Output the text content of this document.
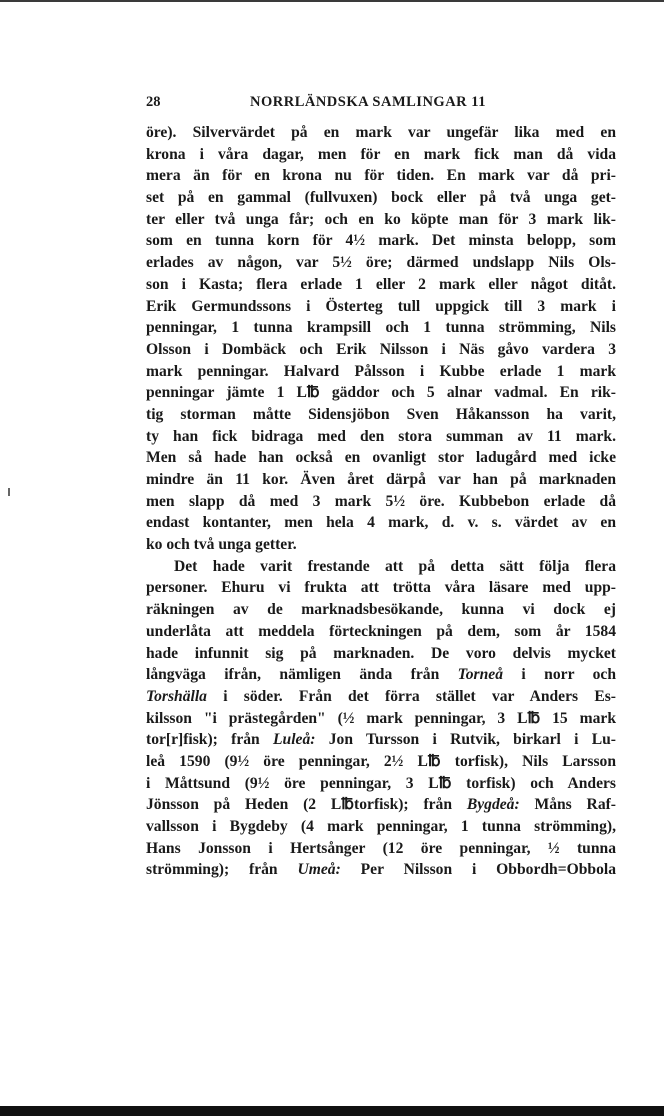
28	NORRLÄNDSKA SAMLINGAR 11
öre). Silvervärdet på en mark var ungefär lika med en
krona i våra dagar, men för en mark fick man då vida
mera än för en krona nu för tiden. En mark var då pri-
set på en gammal (fullvuxen) bock eller på två unga get-
ter eller två unga får; och en ko köpte man för 3 mark lik-
som en tunna korn för 4½ mark. Det minsta belopp, som
erlades av någon, var 5½ öre; därmed undslapp Nils Ols-
son i Kasta; flera erlade 1 eller 2 mark eller något ditåt.
Erik Germundssons i Österteg tull uppgick till 3 mark i
penningar, 1 tunna krampsill och 1 tunna strömming, Nils
Olsson i Dombäck och Erik Nilsson i Näs gåvo vardera 3
mark penningar. Halvard Pålsson i Kubbe erlade 1 mark
penningar jämte 1 L℔ gäddor och 5 alnar vadmal. En rik-
tig storman måtte Sidensjöbon Sven Håkansson ha varit,
ty han fick bidraga med den stora summan av 11 mark.
Men så hade han också en ovanligt stor ladugård med icke
mindre än 11 kor. Även året därpå var han på marknaden
men slapp då med 3 mark 5½ öre. Kubbebon erlade då
endast kontanter, men hela 4 mark, d. v. s. värdet av en
ko och två unga getter.
Det hade varit frestande att på detta sätt följa flera
personer. Ehuru vi frukta att trötta våra läsare med upp-
räkningen av de marknadsbesökande, kunna vi dock ej
underlåta att meddela förteckningen på dem, som år 1584
hade infunnit sig på marknaden. De voro delvis mycket
långväga ifrån, nämligen ända från Torneå i norr och
Torshälla i söder. Från det förra stället var Anders Es-
kilsson "i prästegården" (½ mark penningar, 3 L℔ 15 mark
tor[r]fisk); från Luleå: Jon Tursson i Rutvik, birkarl i Lu-
leå 1590 (9½ öre penningar, 2½ L℔ torfisk), Nils Larsson
i Måttsund (9½ öre penningar, 3 L℔ torfisk) och Anders
Jönsson på Heden (2 L℔torfisk); från Bygdeå: Måns Raf-
vallsson i Bygdeby (4 mark penningar, 1 tunna strömming),
Hans Jonsson i Hertsånger (12 öre penningar, ½ tunna
strömming); från Umeå: Per Nilsson i Obbordh=Obbola
